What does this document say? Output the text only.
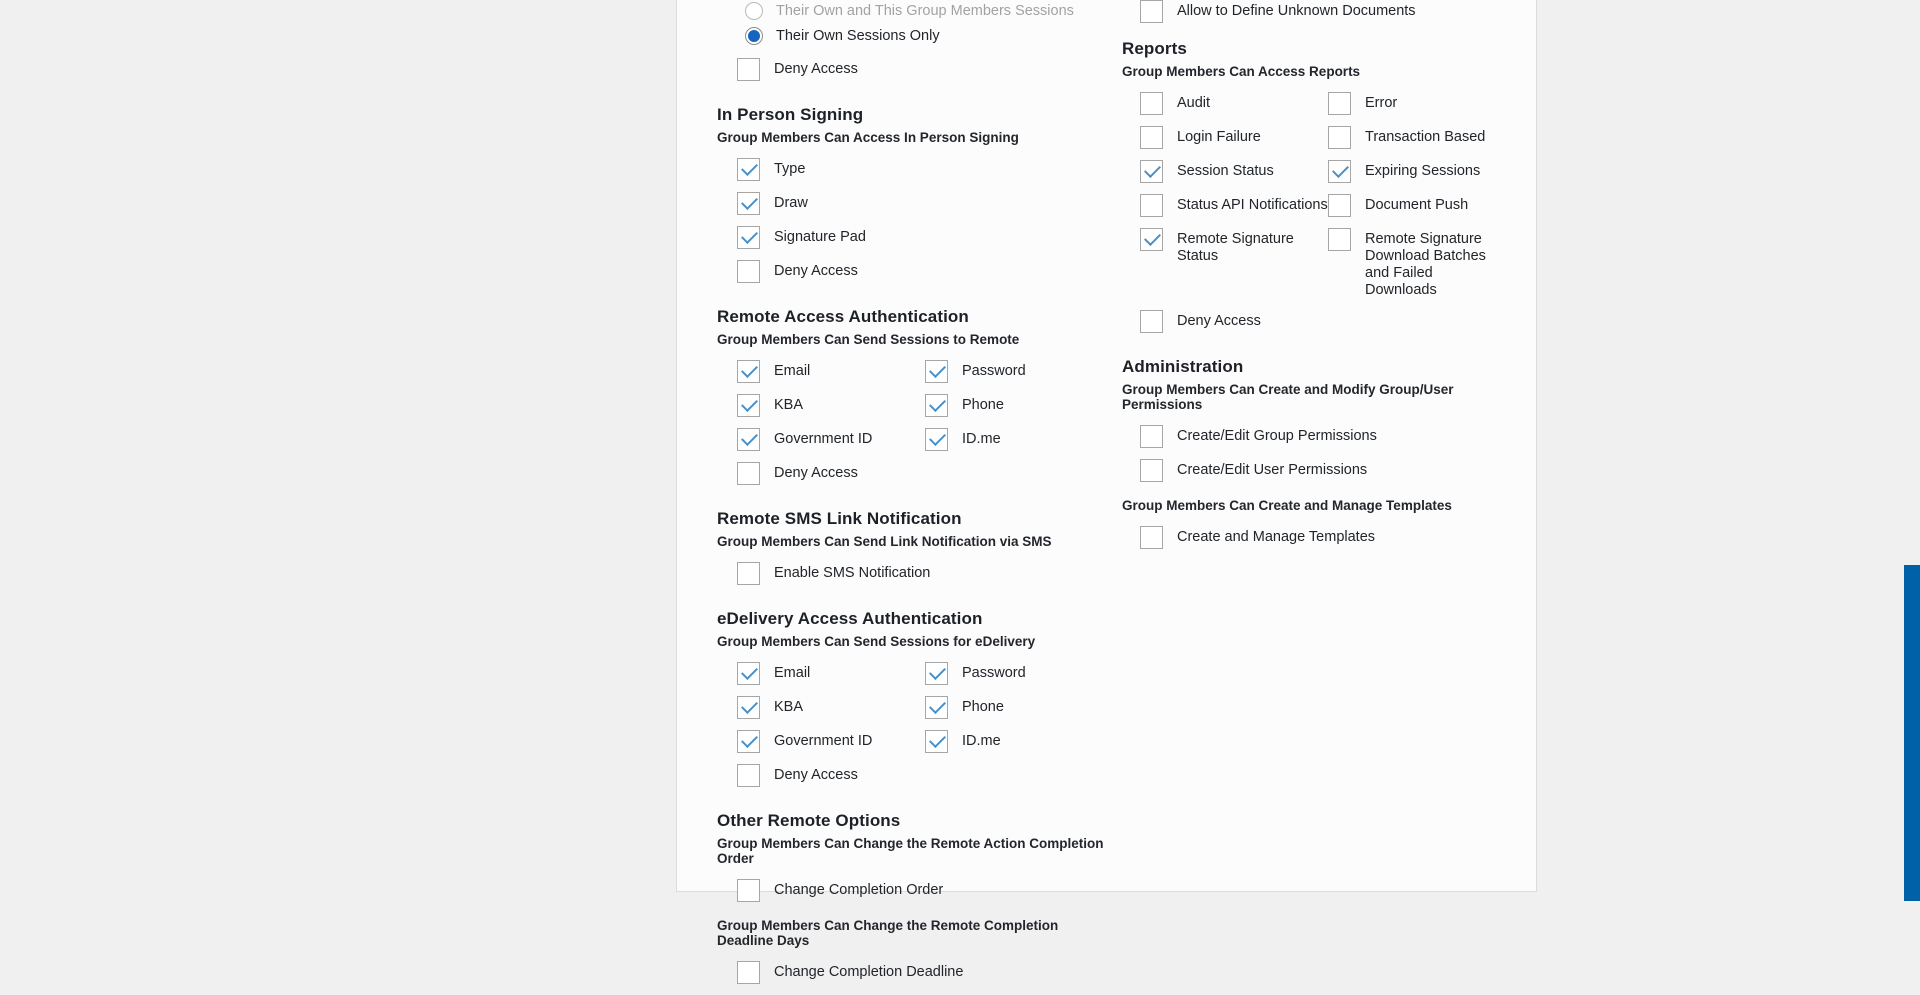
Their Own and This Group Members Sessions
Their Own Sessions Only
Deny Access
In Person Signing
Group Members Can Access In Person Signing
Type
Draw
Signature Pad
Deny Access
Remote Access Authentication
Group Members Can Send Sessions to Remote
Email	Password
KBA	Phone
Government ID	ID.me
Deny Access
Remote SMS Link Notification
Group Members Can Send Link Notification via SMS
Enable SMS Notification
eDelivery Access Authentication
Group Members Can Send Sessions for eDelivery
Email	Password
KBA	Phone
Government ID	ID.me
Deny Access
Other Remote Options
Group Members Can Change the Remote Action Completion Order
Change Completion Order
Group Members Can Change the Remote Completion Deadline Days
Change Completion Deadline
Allow to Define Unknown Documents
Reports
Group Members Can Access Reports
Audit	Error
Login Failure	Transaction Based
Session Status	Expiring Sessions
Status API Notifications	Document Push
Remote Signature Status
Remote Signature Download Batches and Failed Downloads
Deny Access
Administration
Group Members Can Create and Modify Group/User Permissions
Create/Edit Group Permissions
Create/Edit User Permissions
Group Members Can Create and Manage Templates
Create and Manage Templates
